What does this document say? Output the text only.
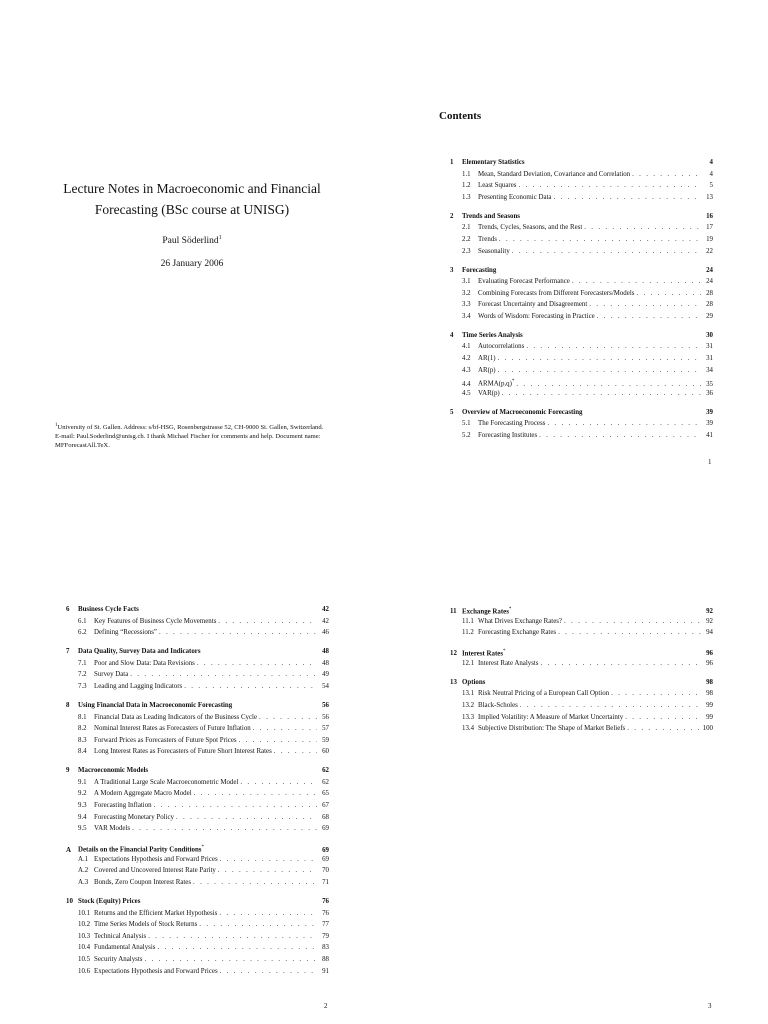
Lecture Notes in Macroeconomic and Financial Forecasting (BSc course at UNISG)
Paul Söderlind$^1$
26 January 2006
$^1$University of St. Gallen. Address: s/bf-HSG, Rosenbergstrasse 52, CH-9000 St. Gallen, Switzerland. E-mail: Paul.Soderlind@unisg.ch. I thank Michael Fischer for comments and help. Document name: MFForecastAll.TeX.
Contents
1	Elementary Statistics	4
1.1	Mean, Standard Deviation, Covariance and Correlation . . .	4
1.2	Least Squares . . .	5
1.3	Presenting Economic Data . . .	13
2	Trends and Seasons	16
2.1	Trends, Cycles, Seasons, and the Rest . . .	17
2.2	Trends . . .	19
2.3	Seasonality . . .	22
3	Forecasting	24
3.1	Evaluating Forecast Performance . . .	24
3.2	Combining Forecasts from Different Forecasters/Models . . .	28
3.3	Forecast Uncertainty and Disagreement . . .	28
3.4	Words of Wisdom: Forecasting in Practice . . .	29
4	Time Series Analysis	30
4.1	Autocorrelations . . .	31
4.2	AR(1) . . .	31
4.3	AR(p) . . .	34
4.4	ARMA(p,q)* . . .	35
4.5	VAR(p) . . .	36
5	Overview of Macroeconomic Forecasting	39
5.1	The Forecasting Process . . .	39
5.2	Forecasting Institutes . . .	41
1
6	Business Cycle Facts	42
6.1	Key Features of Business Cycle Movements . . .	42
6.2	Defining “Recessions” . . .	46
7	Data Quality, Survey Data and Indicators	48
7.1	Poor and Slow Data: Data Revisions . . .	48
7.2	Survey Data . . .	49
7.3	Leading and Lagging Indicators . . .	54
8	Using Financial Data in Macroeconomic Forecasting	56
8.1	Financial Data as Leading Indicators of the Business Cycle . . .	56
8.2	Nominal Interest Rates as Forecasters of Future Inflation . . .	57
8.3	Forward Prices as Forecasters of Future Spot Prices . . .	59
8.4	Long Interest Rates as Forecasters of Future Short Interest Rates . . .	60
9	Macroeconomic Models	62
9.1	A Traditional Large Scale Macroeconometric Model . . .	62
9.2	A Modern Aggregate Macro Model . . .	65
9.3	Forecasting Inflation . . .	67
9.4	Forecasting Monetary Policy . . .	68
9.5	VAR Models . . .	69
A	Details on the Financial Parity Conditions*	69
A.1 Expectations Hypothesis and Forward Prices . . .	69
A.2 Covered and Uncovered Interest Rate Parity . . .	70
A.3 Bonds, Zero Coupon Interest Rates . . .	71
10 Stock (Equity) Prices	76
10.1 Returns and the Efficient Market Hypothesis . . .	76
10.2 Time Series Models of Stock Returns . . .	77
10.3 Technical Analysis . . .	79
10.4 Fundamental Analysis . . .	83
10.5 Security Analysts . . .	88
10.6 Expectations Hypothesis and Forward Prices . . .	91
2
11 Exchange Rates*	92
11.1 What Drives Exchange Rates? . . .	92
11.2 Forecasting Exchange Rates . . .	94
12 Interest Rates*	96
12.1 Interest Rate Analysts . . .	96
13 Options	98
13.1 Risk Neutral Pricing of a European Call Option . . .	98
13.2 Black-Scholes . . .	99
13.3 Implied Volatility: A Measure of Market Uncertainty . . .	99
13.4 Subjective Distribution: The Shape of Market Beliefs . . .	100
3
